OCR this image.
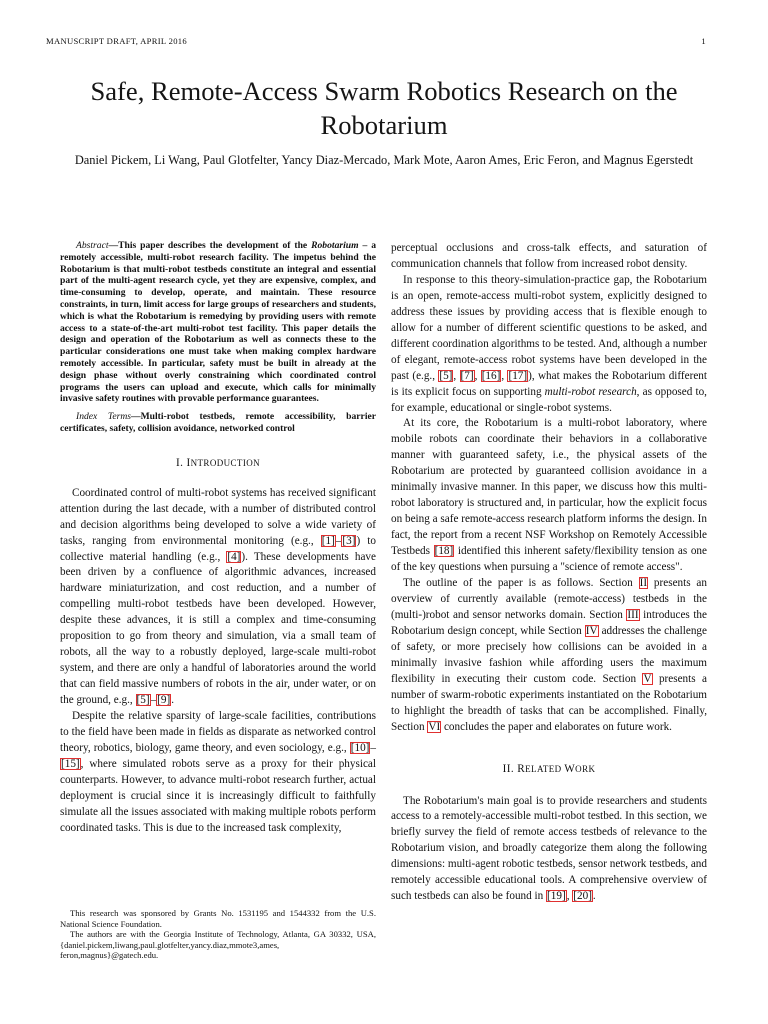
MANUSCRIPT DRAFT, APRIL 2016	1
Safe, Remote-Access Swarm Robotics Research on the Robotarium
Daniel Pickem, Li Wang, Paul Glotfelter, Yancy Diaz-Mercado, Mark Mote, Aaron Ames, Eric Feron, and Magnus Egerstedt

Abstract—This paper describes the development of the Robotarium – a remotely accessible, multi-robot research facility. The impetus behind the Robotarium is that multi-robot testbeds constitute an integral and essential part of the multi-agent research cycle, yet they are expensive, complex, and time-consuming to develop, operate, and maintain. These resource constraints, in turn, limit access for large groups of researchers and students, which is what the Robotarium is remedying by providing users with remote access to a state-of-the-art multi-robot test facility. This paper details the design and operation of the Robotarium as well as connects these to the particular considerations one must take when making complex hardware remotely accessible. In particular, safety must be built in already at the design phase without overly constraining which coordinated control programs the users can upload and execute, which calls for minimally invasive safety routines with provable performance guarantees.

Index Terms—Multi-robot testbeds, remote accessibility, barrier certificates, safety, collision avoidance, networked control

I. INTRODUCTION

Coordinated control of multi-robot systems has received significant attention during the last decade, with a number of distributed control and decision algorithms being developed to solve a wide variety of tasks, ranging from environmental monitoring (e.g., [1]–[3]) to collective material handling (e.g., [4]). These developments have been driven by a confluence of algorithmic advances, increased hardware miniaturization, and cost reduction, and a number of compelling multi-robot testbeds have been developed. However, despite these advances, it is still a complex and time-consuming proposition to go from theory and simulation, via a small team of robots, all the way to a robustly deployed, large-scale multi-robot system, and there are only a handful of laboratories around the world that can field massive numbers of robots in the air, under water, or on the ground, e.g., [5]–[9].

Despite the relative sparsity of large-scale facilities, contributions to the field have been made in fields as disparate as networked control theory, robotics, biology, game theory, and even sociology, e.g., [10]–[15], where simulated robots serve as a proxy for their physical counterparts. However, to advance multi-robot research further, actual deployment is crucial since it is increasingly difficult to faithfully simulate all the issues associated with making multiple robots perform coordinated tasks. This is due to the increased task complexity,

This research was sponsored by Grants No. 1531195 and 1544332 from the U.S. National Science Foundation.

The authors are with the Georgia Institute of Technology, Atlanta, GA 30332, USA, {daniel.pickem,liwang,paul.glotfelter,yancy.diaz,mmote3,ames, feron,magnus}@gatech.edu.

perceptual occlusions and cross-talk effects, and saturation of communication channels that follow from increased robot density.

In response to this theory-simulation-practice gap, the Robotarium is an open, remote-access multi-robot system, explicitly designed to address these issues by providing access that is flexible enough to allow for a number of different scientific questions to be asked, and different coordination algorithms to be tested. And, although a number of elegant, remote-access robot systems have been developed in the past (e.g., [5], [7], [16], [17]), what makes the Robotarium different is its explicit focus on supporting multi-robot research, as opposed to, for example, educational or single-robot systems.

At its core, the Robotarium is a multi-robot laboratory, where mobile robots can coordinate their behaviors in a collaborative manner with guaranteed safety, i.e., the physical assets of the Robotarium are protected by guaranteed collision avoidance in a minimally invasive manner. In this paper, we discuss how this multi-robot laboratory is structured and, in particular, how the explicit focus on being a safe remote-access research platform informs the design. In fact, the report from a recent NSF Workshop on Remotely Accessible Testbeds [18] identified this inherent safety/flexibility tension as one of the key questions when pursuing a "science of remote access".

The outline of the paper is as follows. Section II presents an overview of currently available (remote-access) testbeds in the (multi-)robot and sensor networks domain. Section III introduces the Robotarium design concept, while Section IV addresses the challenge of safety, or more precisely how collisions can be avoided in a minimally invasive fashion while affording users the maximum flexibility in executing their custom code. Section V presents a number of swarm-robotic experiments instantiated on the Robotarium to highlight the breadth of tasks that can be accomplished. Finally, Section VI concludes the paper and elaborates on future work.

II. RELATED WORK

The Robotarium's main goal is to provide researchers and students access to a remotely-accessible multi-robot testbed. In this section, we briefly survey the field of remote access testbeds of relevance to the Robotarium vision, and broadly categorize them along the following dimensions: multi-agent robotic testbeds, sensor network testbeds, and remotely accessible educational tools. A comprehensive overview of such testbeds can also be found in [19], [20].
